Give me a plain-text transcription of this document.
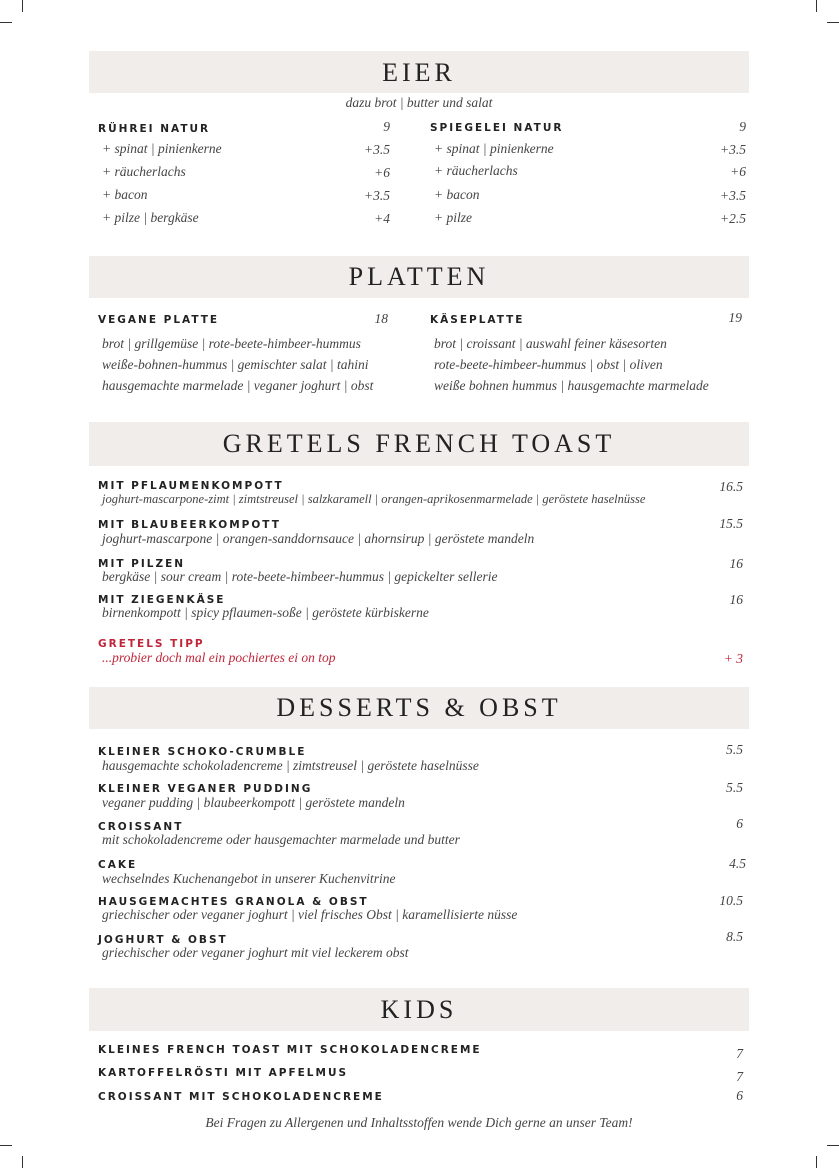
EIER
dazu brot | butter und salat
RÜHREI NATUR	9
+ spinat | pinienkerne	+3.5
+ räucherlachs	+6
+ bacon	+3.5
+ pilze | bergkäse	+4
SPIEGELEI NATUR	9
+ spinat | pinienkerne	+3.5
+ räucherlachs	+6
+ bacon	+3.5
+ pilze	+2.5
PLATTEN
VEGANE PLATTE	18
brot | grillgemüse | rote-beete-himbeer-hummus
weiße-bohnen-hummus | gemischter salat | tahini
hausgemachte marmelade | veganer joghurt | obst
KÄSEPLATTE	19
brot | croissant | auswahl feiner käsesorten
rote-beete-himbeer-hummus | obst | oliven
weiße bohnen hummus | hausgemachte marmelade
GRETELS FRENCH TOAST
MIT PFLAUMENKOMPOTT
joghurt-mascarpone-zimt | zimtstreusel | salzkaramell | orangen-aprikosenmarmelade | geröstete haselnüsse
16.5
MIT BLAUBEERKOMPOTT
joghurt-mascarpone | orangen-sanddornsauce | ahornsirup | geröstete mandeln
15.5
MIT PILZEN
bergkäse | sour cream | rote-beete-himbeer-hummus | gepickelter sellerie
16
MIT ZIEGENKÄSE
birnenkompott | spicy pflaumen-soße | geröstete kürbiskerne
16
GRETELS TIPP
...probier doch mal ein pochiertes ei on top	+ 3
DESSERTS & OBST
KLEINER SCHOKO-CRUMBLE
hausgemachte schokoladencreme | zimtstreusel | geröstete haselnüsse
5.5
KLEINER VEGANER PUDDING
veganer pudding | blaubeerkompott | geröstete mandeln
5.5
CROISSANT
mit schokoladencreme oder hausgemachter marmelade und butter
6
CAKE
wechselndes Kuchenangebot in unserer Kuchenvitrine
4.5
HAUSGEMACHTES GRANOLA & OBST
griechischer oder veganer joghurt | viel frisches Obst | karamellisierte nüsse
10.5
JOGHURT & OBST
griechischer oder veganer joghurt mit viel leckerem obst
8.5
KIDS
KLEINES FRENCH TOAST MIT SCHOKOLADENCREME	7
KARTOFFELRÖSTI MIT APFELMUS	7
CROISSANT MIT SCHOKOLADENCREME	6
Bei Fragen zu Allergenen und Inhaltsstoffen wende Dich gerne an unser Team!
